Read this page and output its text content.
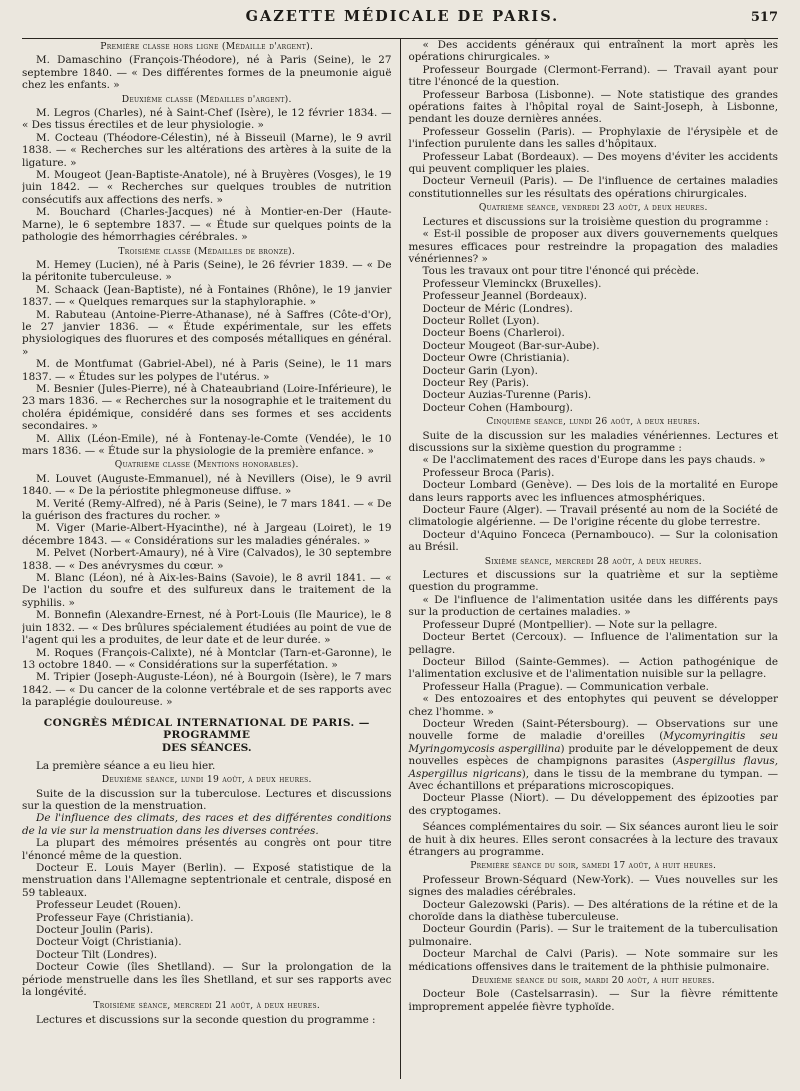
GAZETTE MÉDICALE DE PARIS.	517
Première classe hors ligne (Médaille d'argent).

M. Damaschino (François-Théodore), né à Paris (Seine), le 27 septembre 1840. — « Des différentes formes de la pneumonie aiguë chez les enfants. »

Deuxième classe (Médailles d'argent).

M. Legros (Charles), né à Saint-Chef (Isère), le 12 février 1834. — « Des tissus érectiles et de leur physiologie. »

M. Cocteau (Théodore-Célestin), né à Bisseuil (Marne), le 9 avril 1838. — « Recherches sur les altérations des artères à la suite de la ligature. »

M. Mougeot (Jean-Baptiste-Anatole), né à Bruyères (Vosges), le 19 juin 1842. — « Recherches sur quelques troubles de nutrition consécutifs aux affections des nerfs. »

M. Bouchard (Charles-Jacques) né à Montier-en-Der (Haute-Marne), le 6 septembre 1837. — « Étude sur quelques points de la pathologie des hémorrhagies cérébrales. »

Troisième classe (Médailles de bronze).

M. Hemey (Lucien), né à Paris (Seine), le 26 février 1839. — « De la péritonite tuberculeuse. »

M. Schaack (Jean-Baptiste), né à Fontaines (Rhône), le 19 janvier 1837. — « Quelques remarques sur la staphyloraphie. »

M. Rabuteau (Antoine-Pierre-Athanase), né à Saffres (Côte-d'Or), le 27 janvier 1836. — « Étude expérimentale, sur les effets physiologiques des fluorures et des composés métalliques en général. »

M. de Montfumat (Gabriel-Abel), né à Paris (Seine), le 11 mars 1837. — « Études sur les polypes de l'utérus. »

M. Besnier (Jules-Pierre), né à Chateaubriand (Loire-Inférieure), le 23 mars 1836. — « Recherches sur la nosographie et le traitement du choléra épidémique, considéré dans ses formes et ses accidents secondaires. »

M. Allix (Léon-Emile), né à Fontenay-le-Comte (Vendée), le 10 mars 1836. — « Étude sur la physiologie de la première enfance. »

Quatrième classe (Mentions honorables).

M. Louvet (Auguste-Emmanuel), né à Nevillers (Oise), le 9 avril 1840. — « De la périostite phlegmoneuse diffuse. »

M. Verité (Remy-Alfred), né à Paris (Seine), le 7 mars 1841. — « De la guérison des fractures du rocher. »

M. Viger (Marie-Albert-Hyacinthe), né à Jargeau (Loiret), le 19 décembre 1843. — « Considérations sur les maladies générales. »

M. Pelvet (Norbert-Amaury), né à Vire (Calvados), le 30 septembre 1838. — « Des anévrysmes du cœur. »

M. Blanc (Léon), né à Aix-les-Bains (Savoie), le 8 avril 1841. — « De l'action du soufre et des sulfureux dans le traitement de la syphilis. »

M. Bonnefin (Alexandre-Ernest, né à Port-Louis (Ile Maurice), le 8 juin 1832. — « Des brûlures spécialement étudiées au point de vue de l'agent qui les a produites, de leur date et de leur durée. »

M. Roques (François-Calixte), né à Montclar (Tarn-et-Garonne), le 13 octobre 1840. — « Considérations sur la superfétation. »

M. Tripier (Joseph-Auguste-Léon), né à Bourgoin (Isère), le 7 mars 1842. — « Du cancer de la colonne vertébrale et de ses rapports avec la paraplégie douloureuse. »

CONGRÈS MÉDICAL INTERNATIONAL DE PARIS. — PROGRAMME
DES SÉANCES.

La première séance a eu lieu hier.

Deuxième séance, lundi 19 août, à deux heures.

Suite de la discussion sur la tuberculose. Lectures et discussions sur la question de la menstruation.

De l'influence des climats, des races et des différentes conditions de la vie sur la menstruation dans les diverses contrées.

La plupart des mémoires présentés au congrès ont pour titre l'énoncé même de la question.

Docteur E. Louis Mayer (Berlin). — Exposé statistique de la menstruation dans l'Allemagne septentrionale et centrale, disposé en 59 tableaux.

Professeur Leudet (Rouen).

Professeur Faye (Christiania).

Docteur Joulin (Paris).

Docteur Voigt (Christiania).

Docteur Tilt (Londres).

Docteur Cowie (îles Shetlland). — Sur la prolongation de la période menstruelle dans les îles Shetlland, et sur ses rapports avec la longévité.

Troisième séance, mercredi 21 août, à deux heures.

Lectures et discussions sur la seconde question du programme :

« Des accidents généraux qui entraînent la mort après les opérations chirurgicales. »

Professeur Bourgade (Clermont-Ferrand). — Travail ayant pour titre l'énoncé de la question.

Professeur Barbosa (Lisbonne). — Note statistique des grandes opérations faites à l'hôpital royal de Saint-Joseph, à Lisbonne, pendant les douze dernières années.

Professeur Gosselin (Paris). — Prophylaxie de l'érysipèle et de l'infection purulente dans les salles d'hôpitaux.

Professeur Labat (Bordeaux). — Des moyens d'éviter les accidents qui peuvent compliquer les plaies.

Docteur Verneuil (Paris). — De l'influence de certaines maladies constitutionnelles sur les résultats des opérations chirurgicales.

Quatrième séance, vendredi 23 août, à deux heures.

Lectures et discussions sur la troisième question du programme :

« Est-il possible de proposer aux divers gouvernements quelques mesures efficaces pour restreindre la propagation des maladies vénériennes? »

Tous les travaux ont pour titre l'énoncé qui précède.

Professeur Vleminckx (Bruxelles).

Professeur Jeannel (Bordeaux).

Docteur de Méric (Londres).

Docteur Rollet (Lyon).

Docteur Boens (Charleroi).

Docteur Mougeot (Bar-sur-Aube).

Docteur Owre (Christiania).

Docteur Garin (Lyon).

Docteur Rey (Paris).

Docteur Auzias-Turenne (Paris).

Docteur Cohen (Hambourg).

Cinquième séance, lundi 26 août, à deux heures.

Suite de la discussion sur les maladies vénériennes. Lectures et discussions sur la sixième question du programme :

« De l'acclimatement des races d'Europe dans les pays chauds. »

Professeur Broca (Paris).

Docteur Lombard (Genève). — Des lois de la mortalité en Europe dans leurs rapports avec les influences atmosphériques.

Docteur Faure (Alger). — Travail présenté au nom de la Société de climatologie algérienne. — De l'origine récente du globe terrestre.

Docteur d'Aquino Fonceca (Pernambouco). — Sur la colonisation au Brésil.

Sixième séance, mercredi 28 août, à deux heures.

Lectures et discussions sur la quatrième et sur la septième question du programme.

« De l'influence de l'alimentation usitée dans les différents pays sur la production de certaines maladies. »

Professeur Dupré (Montpellier). — Note sur la pellagre.

Docteur Bertet (Cercoux). — Influence de l'alimentation sur la pellagre.

Docteur Billod (Sainte-Gemmes). — Action pathogénique de l'alimentation exclusive et de l'alimentation nuisible sur la pellagre.

Professeur Halla (Prague). — Communication verbale.

« Des entozoaires et des entophytes qui peuvent se développer chez l'homme. »

Docteur Wreden (Saint-Pétersbourg). — Observations sur une nouvelle forme de maladie d'oreilles (Mycomyringitis seu Myringomycosis aspergillina) produite par le développement de deux nouvelles espèces de champignons parasites (Aspergillus flavus, Aspergillus nigricans), dans le tissu de la membrane du tympan. — Avec échantillons et préparations microscopiques.

Docteur Plasse (Niort). — Du développement des épizooties par des cryptogames.

Séances complémentaires du soir. — Six séances auront lieu le soir de huit à dix heures. Elles seront consacrées à la lecture des travaux étrangers au programme.

Première séance du soir, samedi 17 août, à huit heures.

Professeur Brown-Séquard (New-York). — Vues nouvelles sur les signes des maladies cérébrales.

Docteur Galezowski (Paris). — Des altérations de la rétine et de la choroïde dans la diathèse tuberculeuse.

Docteur Gourdin (Paris). — Sur le traitement de la tuberculisation pulmonaire.

Docteur Marchal de Calvi (Paris). — Note sommaire sur les médications offensives dans le traitement de la phthisie pulmonaire.

Deuxième séance du soir, mardi 20 août, à huit heures.

Docteur Bole (Castelsarrasin). — Sur la fièvre rémittente improprement appelée fièvre typhoïde.
